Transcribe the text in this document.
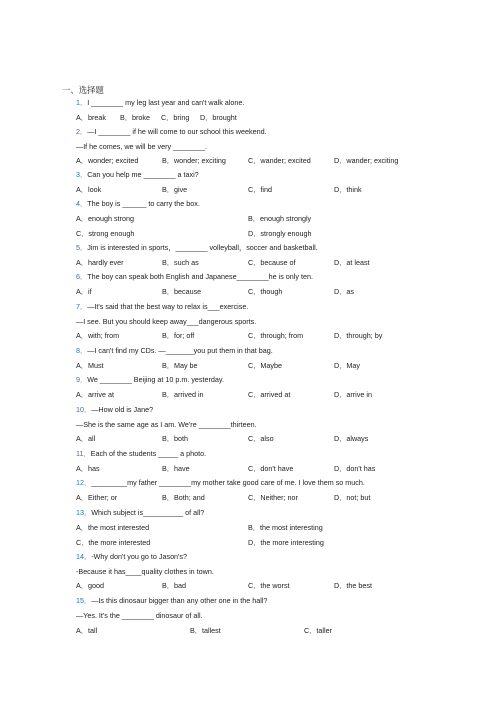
一、选择题
1．I ________ my leg last year and can't walk alone.
A．break B．broke C．bring D．brought
2．—I ________ if he will come to our school this weekend.
—If he comes, we will be very ________.
A．wonder; excited	B．wonder; exciting	C．wander; excited	D．wander; exciting
3．Can you help me ________ a taxi?
A．look	B．give	C．find	D．think
4．The boy is ______ to carry the box.
A．enough strong	B．enough strongly
C．strong enough	D．strongly enough
5．Jim is interested in sports，________ volleyball，soccer and basketball.
A．hardly ever	B．such as	C．because of	D．at least
6．The boy can speak both English and Japanese________he is only ten.
A．if	B．because	C．though	D．as
7．—It's said that the best way to relax is___exercise.
—I see. But you should keep away___dangerous sports.
A．with; from	B．for; off	C．through; from	D．through; by
8．—I can't find my CDs. —_______you put them in that bag.
A．Must	B．May be	C．Maybe	D．May
9．We ________ Beijing at 10 p.m. yesterday.
A．arrive at	B．arrived in	C．arrived at	D．arrive in
10．—How old is Jane?
—She is the same age as I am. We're ________thirteen.
A．all	B．both	C．also	D．always
11．Each of the students _____ a photo.
A．has	B．have	C．don't have	D．don't has
12．_________my father ________my mother take good care of me. I love them so much.
A．Either; or	B．Both; and	C．Neither; nor	D．not; but
13．Which subject is__________ of all?
A．the most interested	B．the most interesting
C．the more interested	D．the more interesting
14．-Why don't you go to Jason's?
-Because it has____quality clothes in town.
A．good	B．bad	C．the worst	D．the best
15．—Is this dinosaur bigger than any other one in the hall?
—Yes. It's the ________ dinosaur of all.
A．tall	B．tallest	C．taller
